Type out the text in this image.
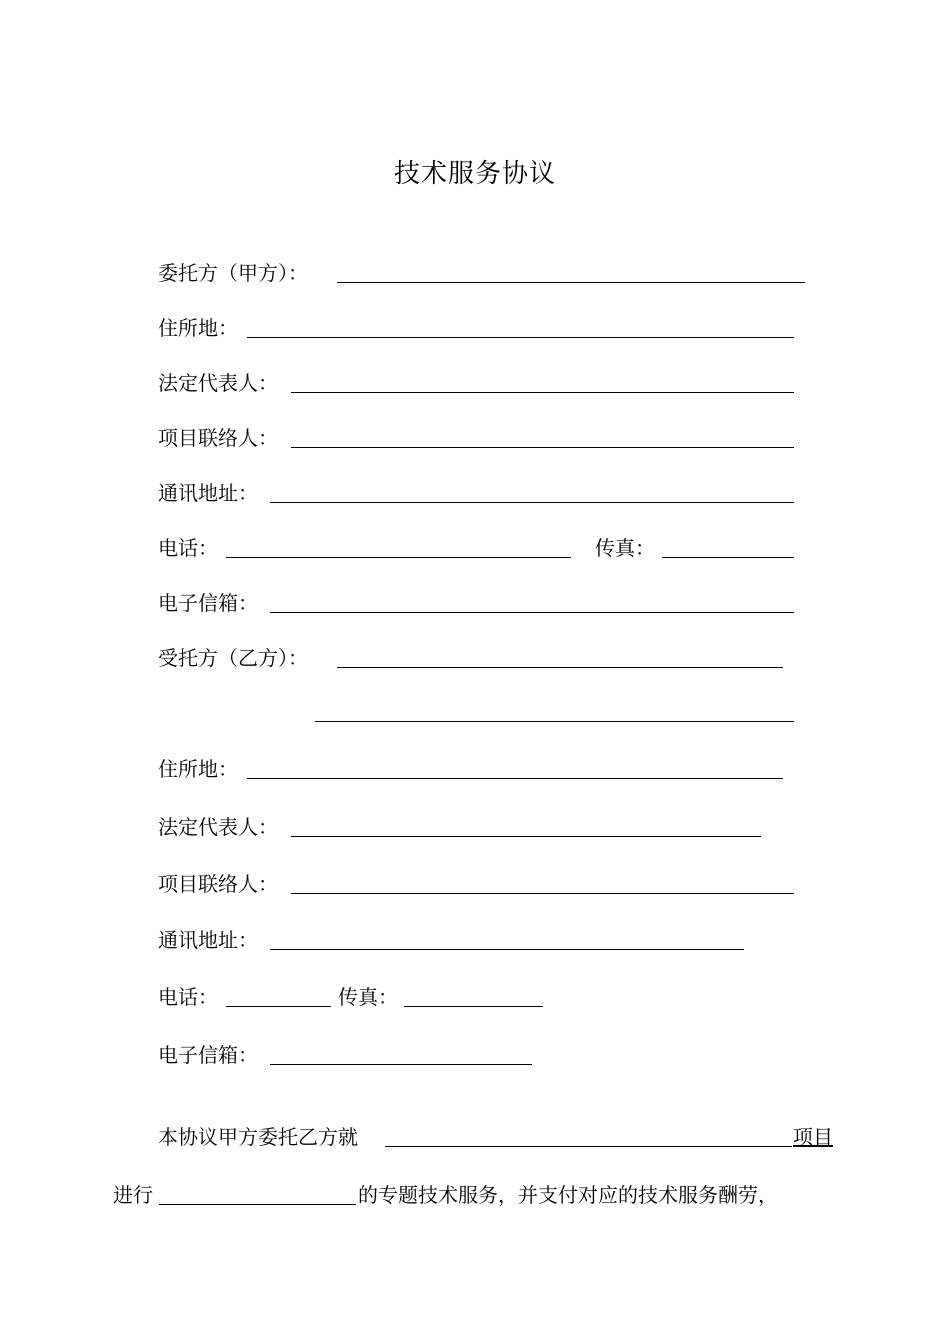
技术服务协议
委托方（甲方）：
住所地：
法定代表人：
项目联络人：
通讯地址：
电话：	传真：
电子信箱：
受托方（乙方）：
住所地：
法定代表人：
项目联络人：
通讯地址：
电话：	传真：
电子信箱：
本协议甲方委托乙方就	项目
进行	的专题技术服务，并支付对应的技术服务酬劳，
